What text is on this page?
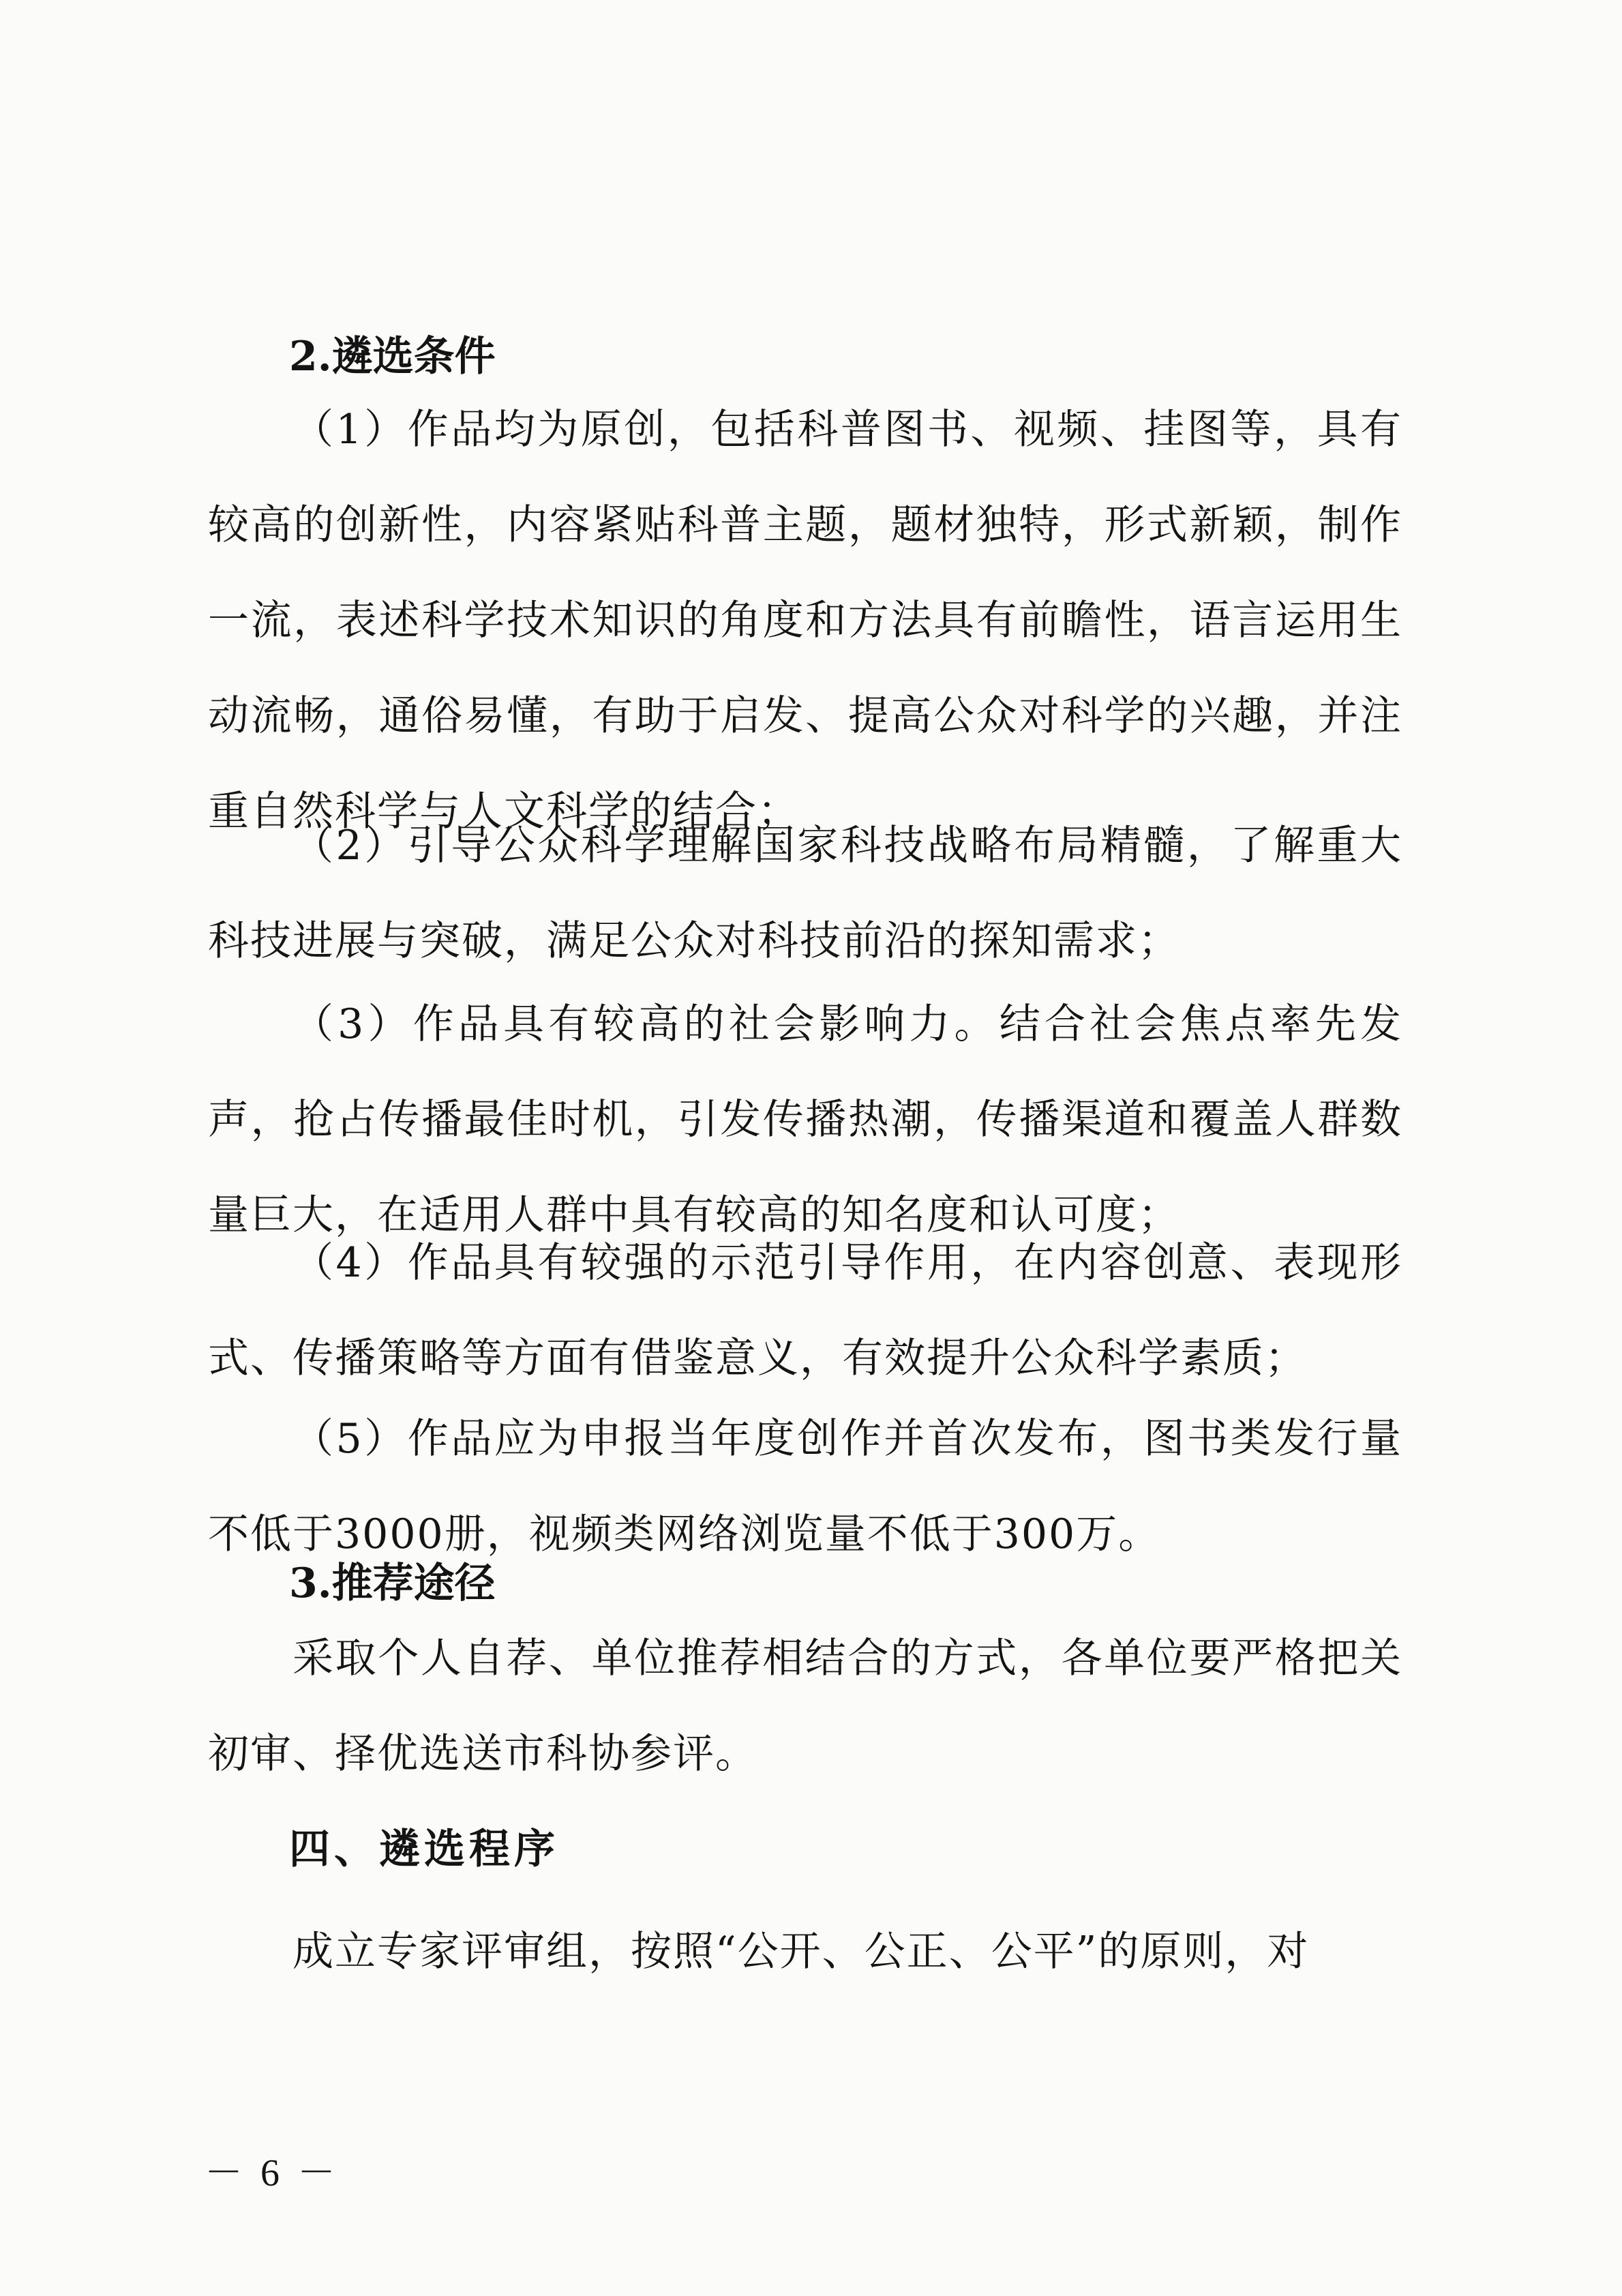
2.遴选条件

（1）作品均为原创，包括科普图书、视频、挂图等，具有较高的创新性，内容紧贴科普主题，题材独特，形式新颖，制作一流，表述科学技术知识的角度和方法具有前瞻性，语言运用生动流畅，通俗易懂，有助于启发、提高公众对科学的兴趣，并注重自然科学与人文科学的结合；

（2）引导公众科学理解国家科技战略布局精髓，了解重大科技进展与突破，满足公众对科技前沿的探知需求；

（3）作品具有较高的社会影响力。结合社会焦点率先发声，抢占传播最佳时机，引发传播热潮，传播渠道和覆盖人群数量巨大，在适用人群中具有较高的知名度和认可度；

（4）作品具有较强的示范引导作用，在内容创意、表现形式、传播策略等方面有借鉴意义，有效提升公众科学素质；

（5）作品应为申报当年度创作并首次发布，图书类发行量不低于3000册，视频类网络浏览量不低于300万。

3.推荐途径

采取个人自荐、单位推荐相结合的方式，各单位要严格把关初审、择优选送市科协参评。

四、遴选程序

成立专家评审组，按照“公开、公正、公平”的原则，对

－ 6 －
